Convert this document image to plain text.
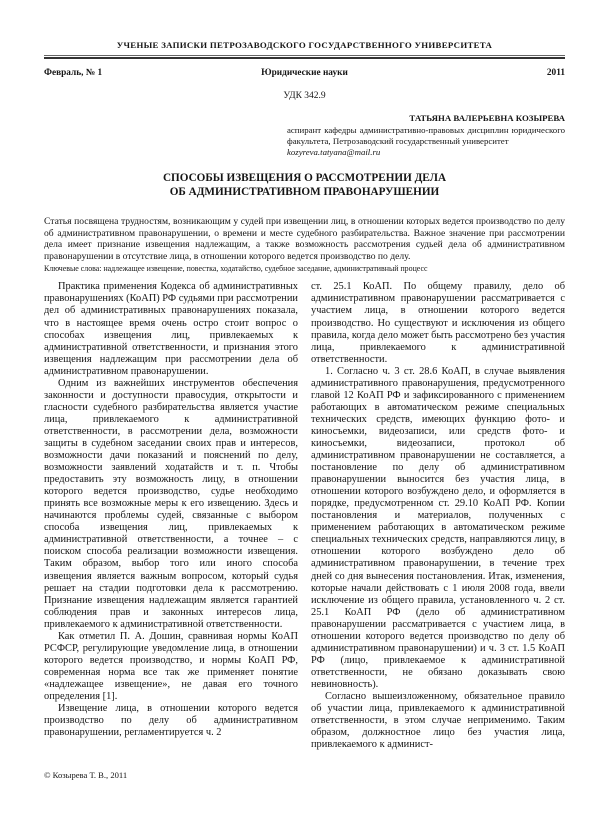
УЧЕНЫЕ ЗАПИСКИ ПЕТРОЗАВОДСКОГО ГОСУДАРСТВЕННОГО УНИВЕРСИТЕТА
Февраль, № 1	Юридические науки	2011
УДК 342.9
ТАТЬЯНА ВАЛЕРЬЕВНА КОЗЫРЕВА
аспирант кафедры административно-правовых дисциплин юридического факультета, Петрозаводский государственный университет
kozyreva.tatyana@mail.ru
СПОСОБЫ ИЗВЕЩЕНИЯ О РАССМОТРЕНИИ ДЕЛА
ОБ АДМИНИСТРАТИВНОМ ПРАВОНАРУШЕНИИ
Статья посвящена трудностям, возникающим у судей при извещении лиц, в отношении которых ведется производство по делу об административном правонарушении, о времени и месте судебного разбирательства. Важное значение при рассмотрении дела имеет признание извещения надлежащим, а также возможность рассмотрения судьей дела об административном правонарушении в отсутствие лица, в отношении которого ведется производство по делу.
Ключевые слова: надлежащее извещение, повестка, ходатайство, судебное заседание, административный процесс

Практика применения Кодекса об административных правонарушениях (КоАП) РФ судьями при рассмотрении дел об административных правонарушениях показала, что в настоящее время очень остро стоит вопрос о способах извещения лиц, привлекаемых к административной ответственности, и признания этого извещения надлежащим при рассмотрении дела об административном правонарушении.

Одним из важнейших инструментов обеспечения законности и доступности правосудия, открытости и гласности судебного разбирательства является участие лица, привлекаемого к административной ответственности, в рассмотрении дела, возможности защиты в судебном заседании своих прав и интересов, возможности дачи показаний и пояснений по делу, возможности заявлений ходатайств и т. п. Чтобы предоставить эту возможность лицу, в отношении которого ведется производство, судье необходимо принять все возможные меры к его извещению. Здесь и начинаются проблемы судей, связанные с выбором способа извещения лиц, привлекаемых к административной ответственности, а точнее – с поиском способа реализации возможности извещения. Таким образом, выбор того или иного способа извещения является важным вопросом, который судья решает на стадии подготовки дела к рассмотрению. Признание извещения надлежащим является гарантией соблюдения прав и законных интересов лица, привлекаемого к административной ответственности.

Как отметил П. А. Дошин, сравнивая нормы КоАП РСФСР, регулирующие уведомление лица, в отношении которого ведется производство, и нормы КоАП РФ, современная норма все так же применяет понятие «надлежащее извещение», не давая его точного определения [1].

Извещение лица, в отношении которого ведется производство по делу об административном правонарушении, регламентируется ч. 2

ст. 25.1 КоАП. По общему правилу, дело об административном правонарушении рассматривается с участием лица, в отношении которого ведется производство. Но существуют и исключения из общего правила, когда дело может быть рассмотрено без участия лица, привлекаемого к административной ответственности.

1. Согласно ч. 3 ст. 28.6 КоАП, в случае выявления административного правонарушения, предусмотренного главой 12 КоАП РФ и зафиксированного с применением работающих в автоматическом режиме специальных технических средств, имеющих функцию фото- и киносъемки, видеозаписи, или средств фото- и киносъемки, видеозаписи, протокол об административном правонарушении не составляется, а постановление по делу об административном правонарушении выносится без участия лица, в отношении которого возбуждено дело, и оформляется в порядке, предусмотренном ст. 29.10 КоАП РФ. Копии постановления и материалов, полученных с применением работающих в автоматическом режиме специальных технических средств, направляются лицу, в отношении которого возбуждено дело об административном правонарушении, в течение трех дней со дня вынесения постановления. Итак, изменения, которые начали действовать с 1 июля 2008 года, ввели исключение из общего правила, установленного ч. 2 ст. 25.1 КоАП РФ (дело об административном правонарушении рассматривается с участием лица, в отношении которого ведется производство по делу об административном правонарушении) и ч. 3 ст. 1.5 КоАП РФ (лицо, привлекаемое к административной ответственности, не обязано доказывать свою невиновность).

Согласно вышеизложенному, обязательное правило об участии лица, привлекаемого к административной ответственности, в этом случае неприменимо. Таким образом, должностное лицо без участия лица, привлекаемого к админист-

© Козырева Т. В., 2011
